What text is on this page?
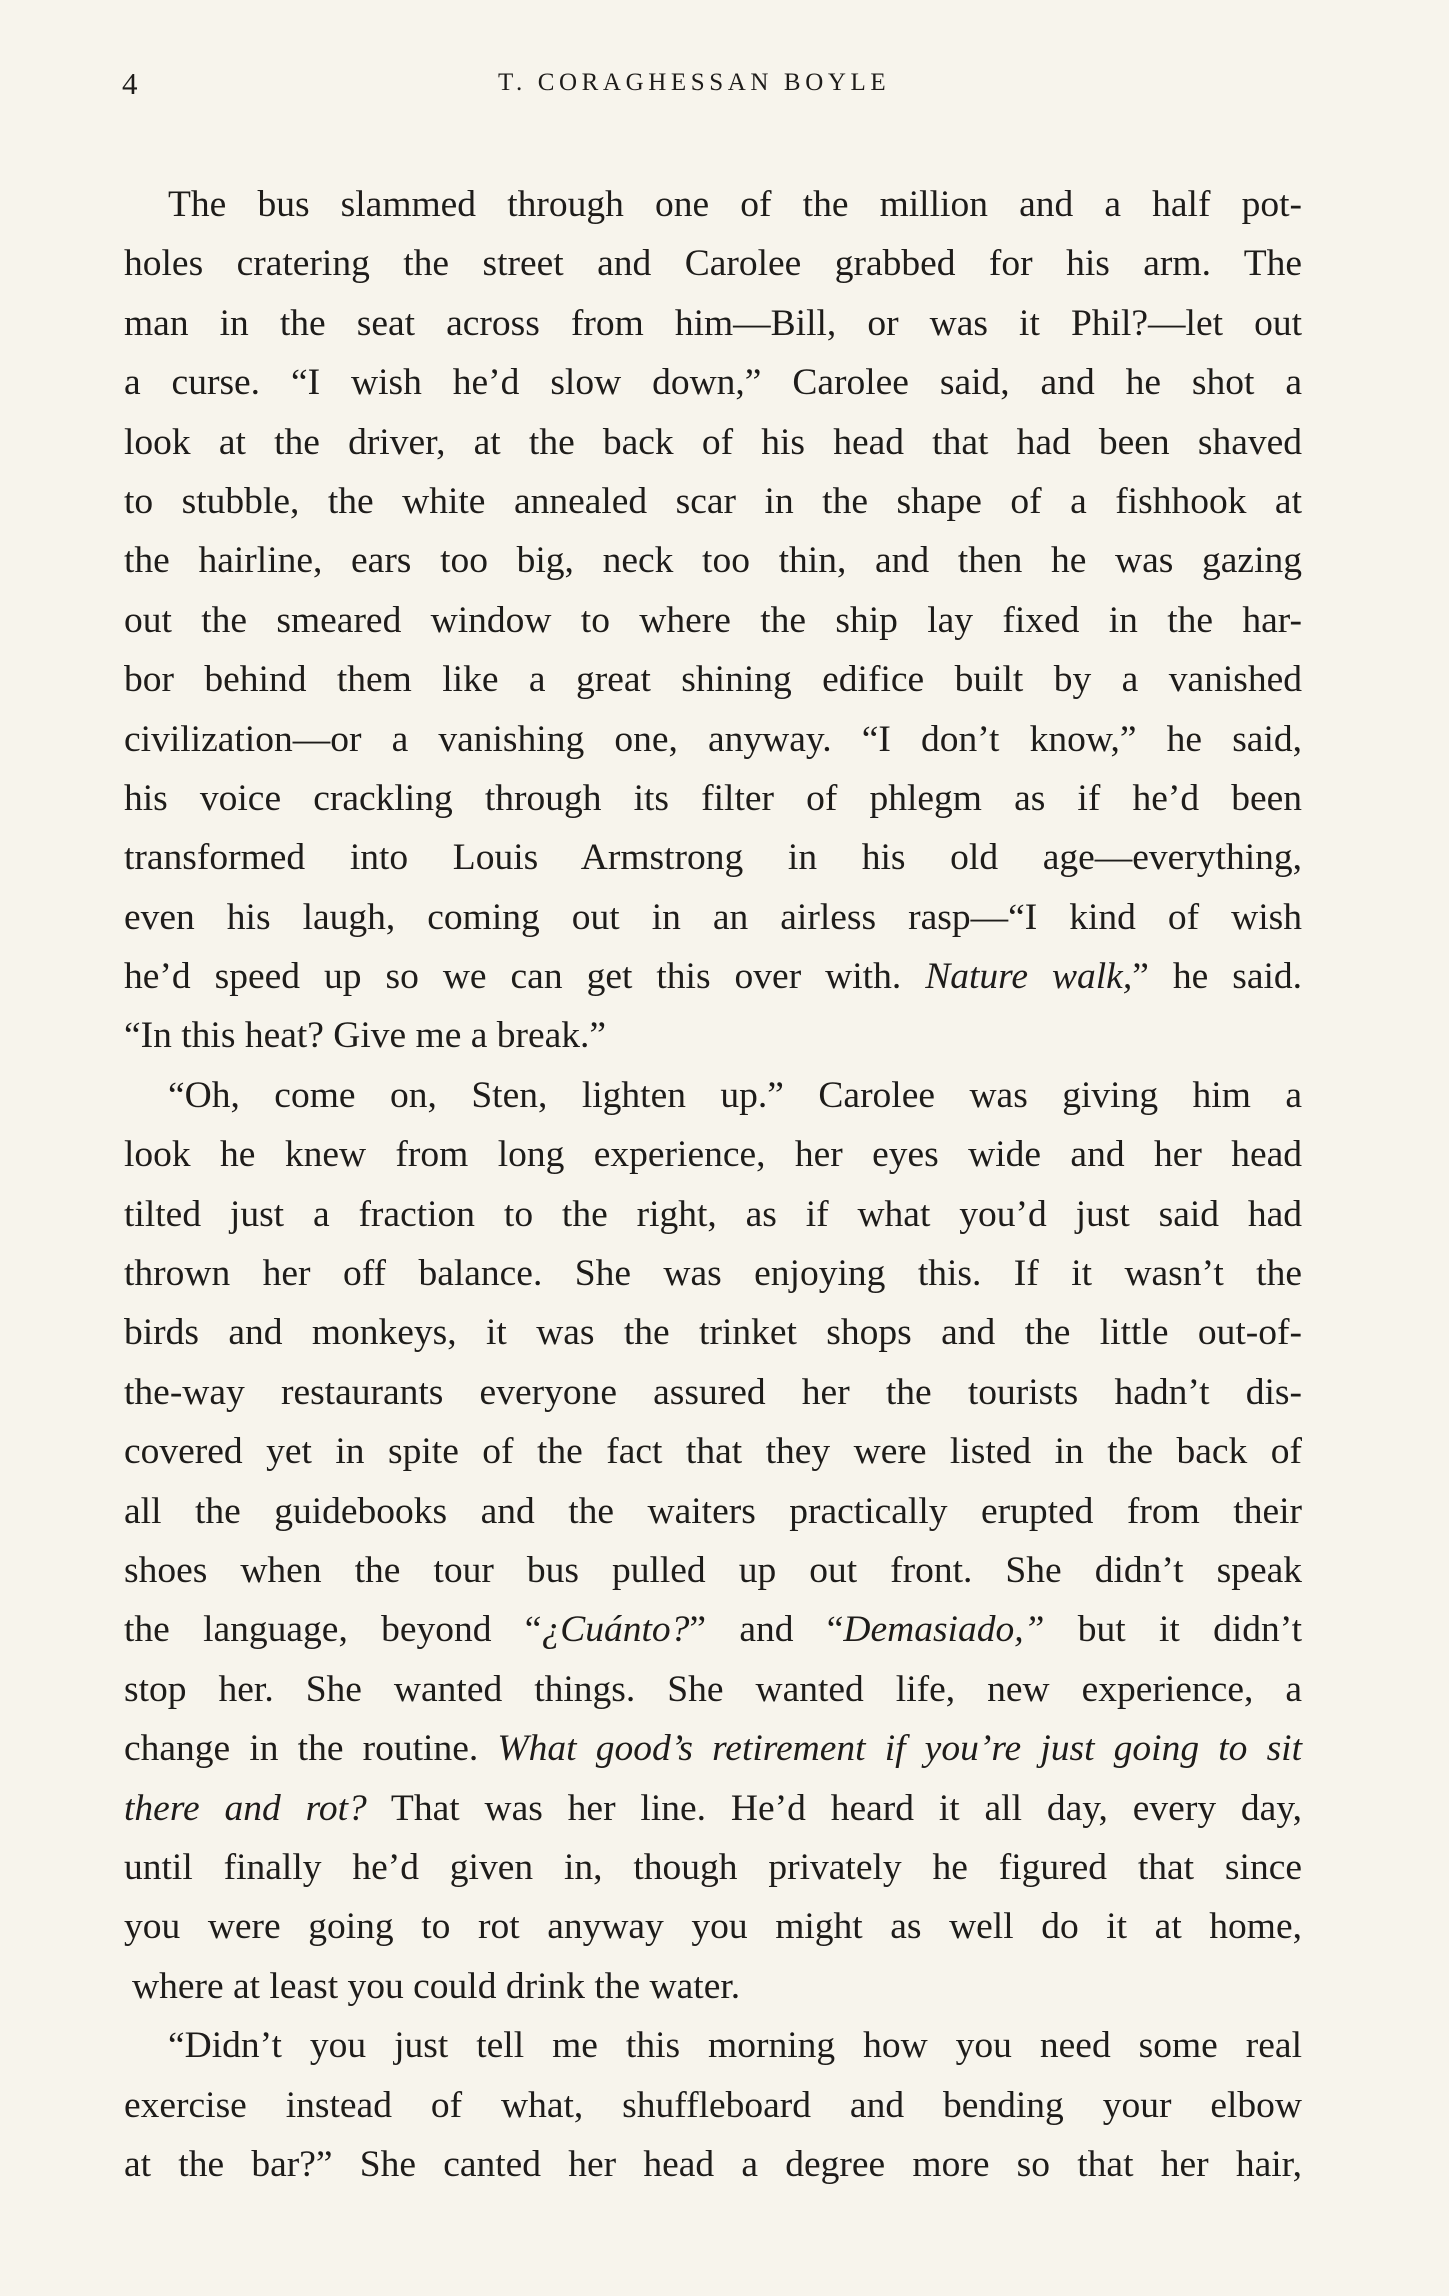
4	T. CORAGHESSAN BOYLE
The bus slammed through one of the million and a half pot-
holes cratering the street and Carolee grabbed for his arm. The
man in the seat across from him—Bill, or was it Phil?—let out
a curse. “I wish he’d slow down,” Carolee said, and he shot a
look at the driver, at the back of his head that had been shaved
to stubble, the white annealed scar in the shape of a fishhook at
the hairline, ears too big, neck too thin, and then he was gazing
out the smeared window to where the ship lay fixed in the har-
bor behind them like a great shining edifice built by a vanished
civilization—or a vanishing one, anyway. “I don’t know,” he said,
his voice crackling through its filter of phlegm as if he’d been
transformed into Louis Armstrong in his old age—everything,
even his laugh, coming out in an airless rasp—“I kind of wish
he’d speed up so we can get this over with. Nature walk,” he said.
“In this heat? Give me a break.”
“Oh, come on, Sten, lighten up.” Carolee was giving him a
look he knew from long experience, her eyes wide and her head
tilted just a fraction to the right, as if what you’d just said had
thrown her off balance. She was enjoying this. If it wasn’t the
birds and monkeys, it was the trinket shops and the little out-of-
the-way restaurants everyone assured her the tourists hadn’t dis-
covered yet in spite of the fact that they were listed in the back of
all the guidebooks and the waiters practically erupted from their
shoes when the tour bus pulled up out front. She didn’t speak
the language, beyond “¿Cuánto?” and “Demasiado,” but it didn’t
stop her. She wanted things. She wanted life, new experience, a
change in the routine. What good’s retirement if you’re just going to sit
there and rot? That was her line. He’d heard it all day, every day,
until finally he’d given in, though privately he figured that since
you were going to rot anyway you might as well do it at home,
where at least you could drink the water.
“Didn’t you just tell me this morning how you need some real
exercise instead of what, shuffleboard and bending your elbow
at the bar?” She canted her head a degree more so that her hair,
